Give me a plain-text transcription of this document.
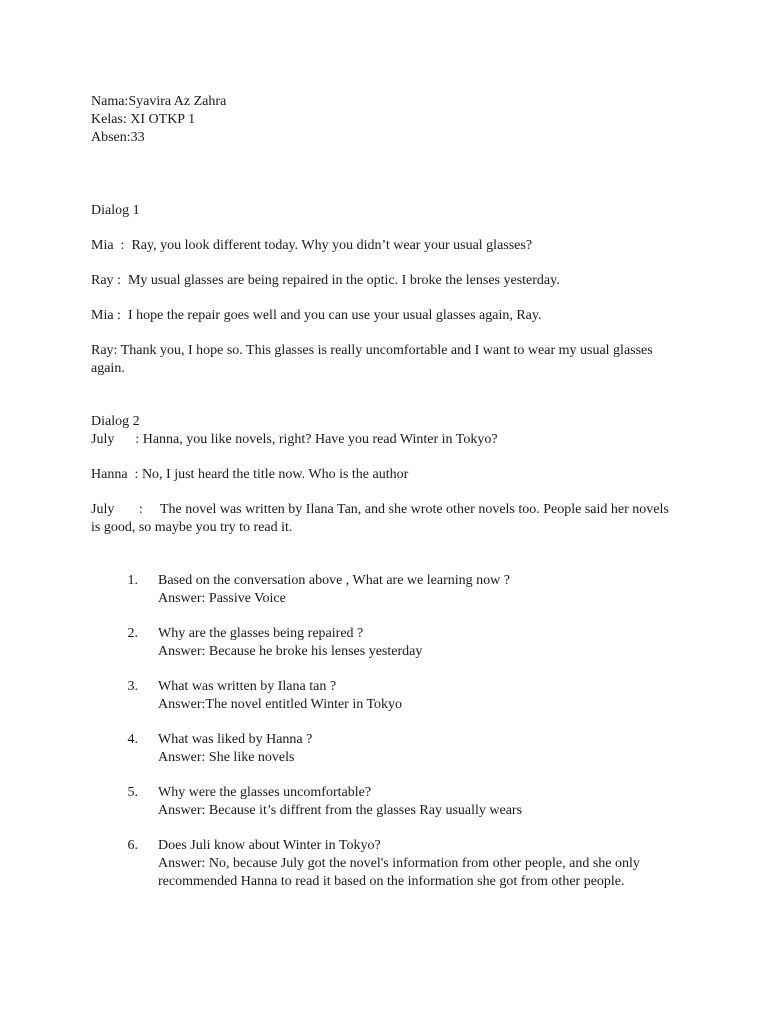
Nama:Syavira Az Zahra
Kelas: XI OTKP 1
Absen:33
Dialog 1
Mia  : Ray, you look different today. Why you didn’t wear your usual glasses?
Ray : My usual glasses are being repaired in the optic. I broke the lenses yesterday.
Mia : I hope the repair goes well and you can use your usual glasses again, Ray.
Ray: Thank you, I hope so. This glasses is really uncomfortable and I want to wear my usual glasses again.
Dialog 2
July      : Hanna, you like novels, right? Have you read Winter in Tokyo?
Hanna  : No, I just heard the title now. Who is the author
July       :     The novel was written by Ilana Tan, and she wrote other novels too. People said her novels is good, so maybe you try to read it.
1. Based on the conversation above , What are we learning now ?
Answer: Passive Voice
2. Why are the glasses being repaired ?
Answer: Because he broke his lenses yesterday
3. What was written by Ilana tan ?
Answer:The novel entitled Winter in Tokyo
4. What was liked by Hanna ?
Answer: She like novels
5. Why were the glasses uncomfortable?
Answer: Because it’s diffrent from the glasses Ray usually wears
6. Does Juli know about Winter in Tokyo?
Answer: No, because July got the novel's information from other people, and she only recommended Hanna to read it based on the information she got from other people.
